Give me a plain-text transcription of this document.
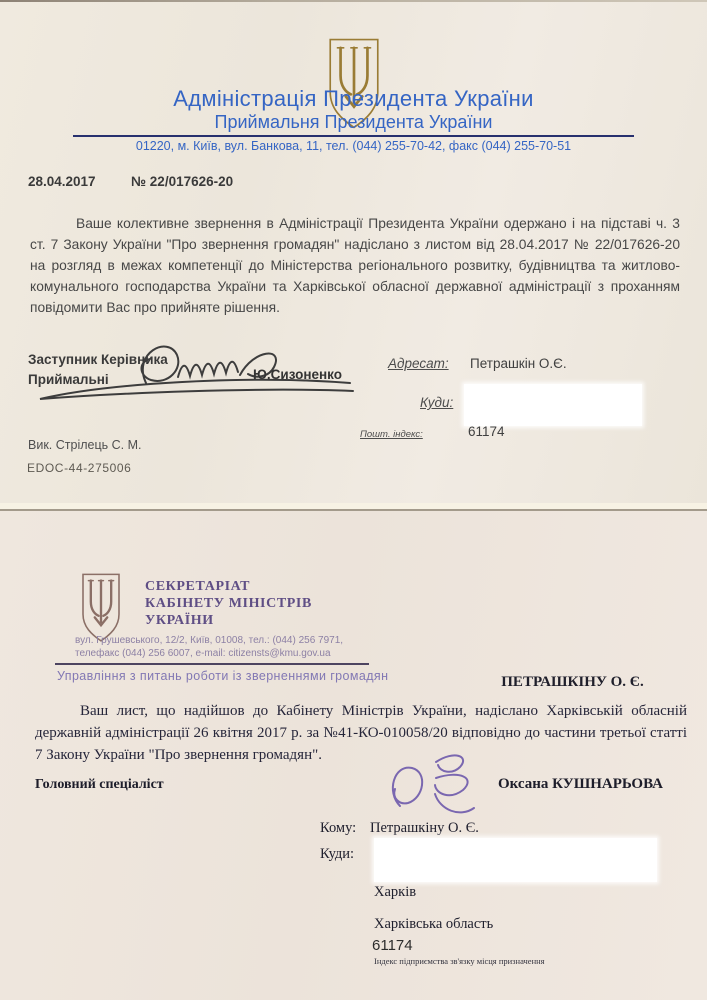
Адміністрація Президента України
Приймальня Президента України
01220, м. Київ, вул. Банкова, 11, тел. (044) 255-70-42, факс (044) 255-70-51
28.04.2017	№ 22/017626-20
Ваше колективне звернення в Адміністрації Президента України одержано і на підставі ч. 3 ст. 7 Закону України "Про звернення громадян" надіслано з листом від 28.04.2017 № 22/017626-20 на розгляд в межах компетенції до Міністерства регіонального розвитку, будівництва та житлово-комунального господарства України та Харківської обласної державної адміністрації з проханням повідомити Вас про прийняте рішення.
Заступник Керівника
Приймальні	Ю.Сизоненко
Адресат: Петрашкін О.Є.
Куди:
Пошт. індекс:	61174
Вик. Стрілець С. М.
EDOC-44-275006
СЕКРЕТАРІАТ
КАБІНЕТУ МІНІСТРІВ
УКРАЇНИ
вул. Грушевського, 12/2, Київ, 01008, тел.: (044) 256 7971,
телефакс (044) 256 6007, e-mail: citizensts@kmu.gov.ua
Управління з питань роботи із зверненнями громадян	ПЕТРАШКІНУ О. Є.
Ваш лист, що надійшов до Кабінету Міністрів України, надіслано Харківській обласній державній адміністрації 26 квітня 2017 р. за №41-КО-010058/20 відповідно до частини третьої статті 7 Закону України "Про звернення громадян".
Головний спеціаліст	Оксана КУШНАРЬОВА
Кому: Петрашкіну О. Є.
Куди:
Харків
Харківська область
61174
Індекс підприємства зв'язку місця призначення
